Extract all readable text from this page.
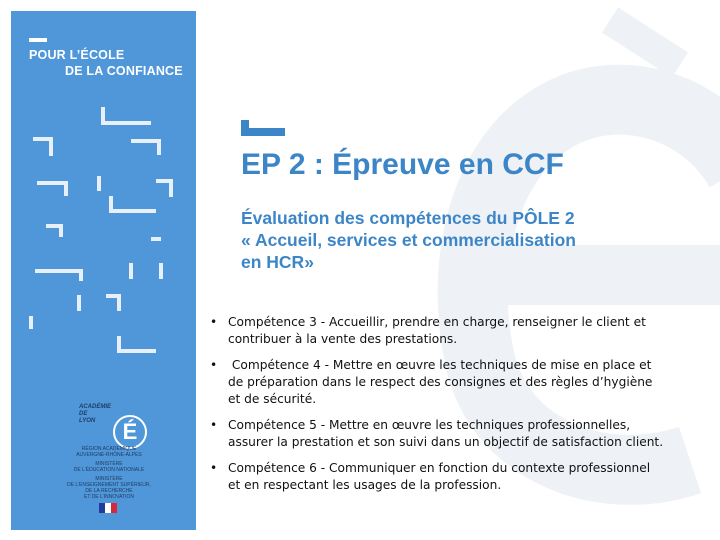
POUR L’ÉCOLE
DE LA CONFIANCE
ACADÉMIE
DE
LYON	É
RÉGION ACADÉMIQUE
AUVERGNE-RHÔNE-ALPES
MINISTÈRE
DE L’ÉDUCATION NATIONALE
MINISTÈRE
DE L’ENSEIGNEMENT SUPÉRIEUR,
DE LA RECHERCHE
ET DE L’INNOVATION
EP 2 : Épreuve en CCF
Évaluation des compétences du PÔLE 2
« Accueil, services et commercialisation
en HCR»
• Compétence 3 - Accueillir, prendre en charge, renseigner le client et
contribuer à la vente des prestations.
• Compétence 4 - Mettre en œuvre les techniques de mise en place et
de préparation dans le respect des consignes et des règles d’hygiène
et de sécurité.
• Compétence 5 - Mettre en œuvre les techniques professionnelles,
assurer la prestation et son suivi dans un objectif de satisfaction client.
• Compétence 6 - Communiquer en fonction du contexte professionnel
et en respectant les usages de la profession.
